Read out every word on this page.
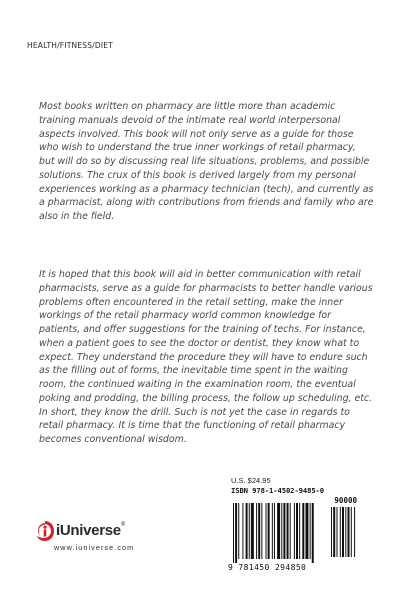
HEALTH/FITNESS/DIET

Most books written on pharmacy are little more than academic training manuals devoid of the intimate real world interpersonal aspects involved. This book will not only serve as a guide for those who wish to understand the true inner workings of retail pharmacy, but will do so by discussing real life situations, problems, and possible solutions. The crux of this book is derived largely from my personal experiences working as a pharmacy technician (tech), and currently as a pharmacist, along with contributions from friends and family who are also in the field.

It is hoped that this book will aid in better communication with retail pharmacists, serve as a guide for pharmacists to better handle various problems often encountered in the retail setting, make the inner workings of the retail pharmacy world common knowledge for patients, and offer suggestions for the training of techs. For instance, when a patient goes to see the doctor or dentist, they know what to expect. They understand the procedure they will have to endure such as the filling out of forms, the inevitable time spent in the waiting room, the continued waiting in the examination room, the eventual poking and prodding, the billing process, the follow up scheduling, etc. In short, they know the drill. Such is not yet the case in regards to retail pharmacy. It is time that the functioning of retail pharmacy becomes conventional wisdom.

iUniverse®
www.iuniverse.com
U.S. $24.95
ISBN 978-1-4502-9485-0
90000
9 781450 294850
